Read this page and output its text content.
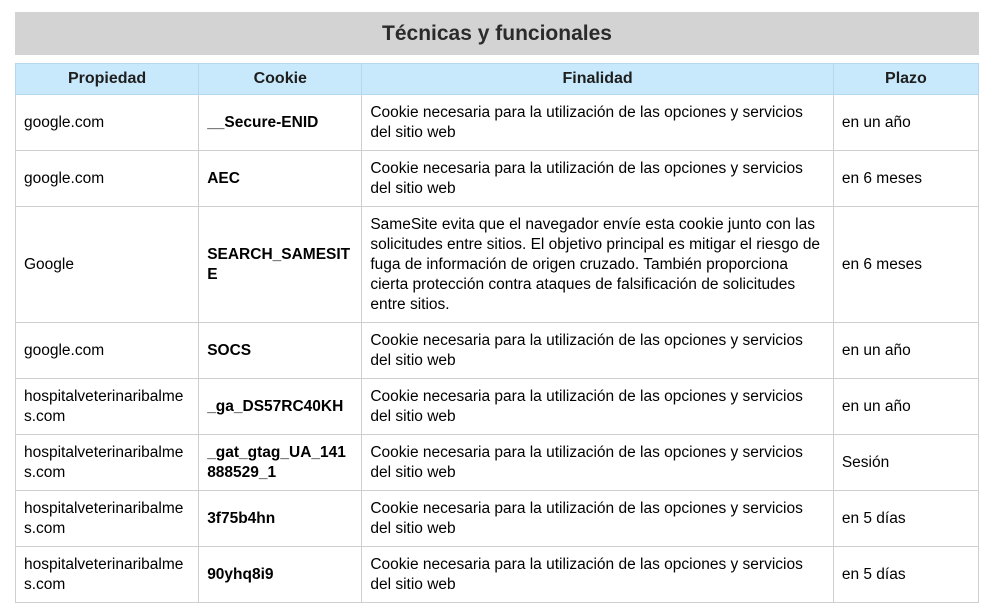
Técnicas y funcionales
Propiedad	Cookie	Finalidad	Plazo
google.com	__Secure-ENID	Cookie necesaria para la utilización de las opciones y servicios del sitio web	en un año
google.com	AEC	Cookie necesaria para la utilización de las opciones y servicios del sitio web	en 6 meses
Google	SEARCH_SAMESITE	SameSite evita que el navegador envíe esta cookie junto con las solicitudes entre sitios. El objetivo principal es mitigar el riesgo de fuga de información de origen cruzado. También proporciona cierta protección contra ataques de falsificación de solicitudes entre sitios.	en 6 meses
google.com	SOCS	Cookie necesaria para la utilización de las opciones y servicios del sitio web	en un año
hospitalveterinaribalmes.com	_ga_DS57RC40KH	Cookie necesaria para la utilización de las opciones y servicios del sitio web	en un año
hospitalveterinaribalmes.com	_gat_gtag_UA_141888529_1	Cookie necesaria para la utilización de las opciones y servicios del sitio web	Sesión
hospitalveterinaribalmes.com	3f75b4hn	Cookie necesaria para la utilización de las opciones y servicios del sitio web	en 5 días
hospitalveterinaribalmes.com	90yhq8i9	Cookie necesaria para la utilización de las opciones y servicios del sitio web	en 5 días
